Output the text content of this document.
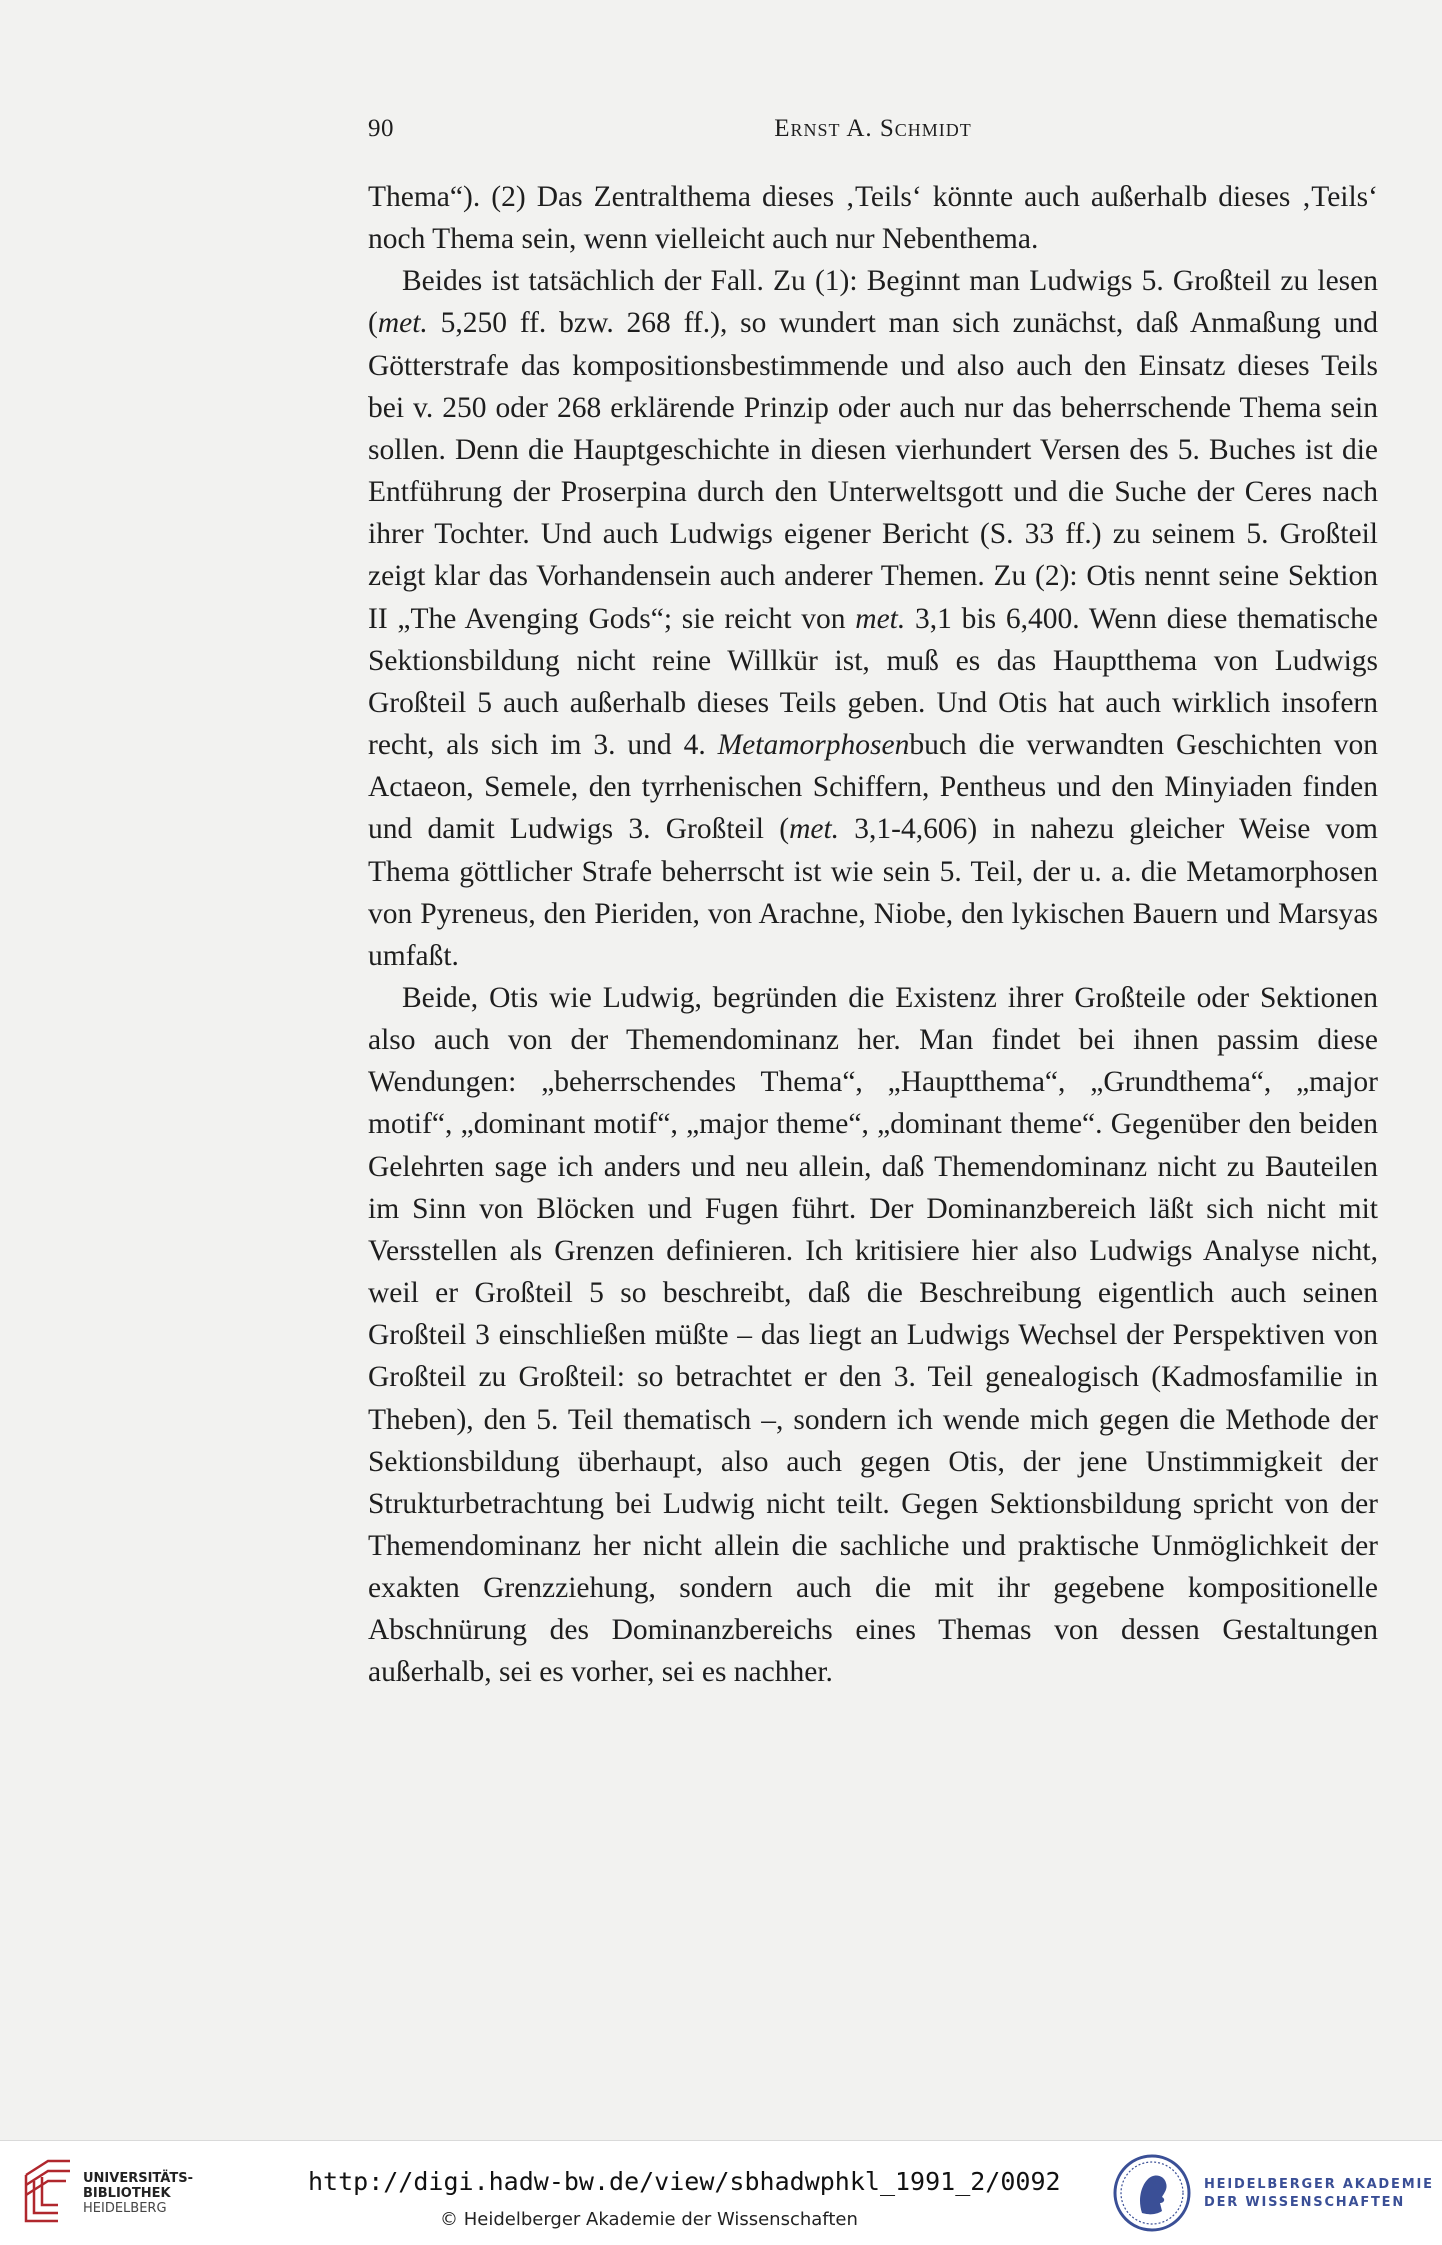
90	Ernst A. Schmidt

Thema“). (2) Das Zentralthema dieses ‚Teils‘ könnte auch außerhalb dieses ‚Teils‘ noch Thema sein, wenn vielleicht auch nur Nebenthema.

Beides ist tatsächlich der Fall. Zu (1): Beginnt man Ludwigs 5. Großteil zu lesen (met. 5,250 ff. bzw. 268 ff.), so wundert man sich zunächst, daß Anmaßung und Götterstrafe das kompositionsbestimmende und also auch den Einsatz dieses Teils bei v. 250 oder 268 erklärende Prinzip oder auch nur das beherrschende Thema sein sollen. Denn die Hauptgeschichte in diesen vierhundert Versen des 5. Buches ist die Entführung der Proserpina durch den Unterweltsgott und die Suche der Ceres nach ihrer Tochter. Und auch Ludwigs eigener Bericht (S. 33 ff.) zu seinem 5. Großteil zeigt klar das Vorhandensein auch anderer Themen. Zu (2): Otis nennt seine Sektion II „The Avenging Gods“; sie reicht von met. 3,1 bis 6,400. Wenn diese thematische Sektionsbildung nicht reine Willkür ist, muß es das Hauptthema von Ludwigs Großteil 5 auch außerhalb dieses Teils geben. Und Otis hat auch wirklich insofern recht, als sich im 3. und 4. Metamorphosenbuch die verwandten Geschichten von Actaeon, Semele, den tyrrhenischen Schiffern, Pentheus und den Minyiaden finden und damit Ludwigs 3. Großteil (met. 3,1-4,606) in nahezu gleicher Weise vom Thema göttlicher Strafe beherrscht ist wie sein 5. Teil, der u. a. die Metamorphosen von Pyreneus, den Pieriden, von Arachne, Niobe, den lykischen Bauern und Marsyas umfaßt.

Beide, Otis wie Ludwig, begründen die Existenz ihrer Großteile oder Sektionen also auch von der Themendominanz her. Man findet bei ihnen passim diese Wendungen: „beherrschendes Thema“, „Hauptthema“, „Grundthema“, „major motif“, „dominant motif“, „major theme“, „dominant theme“. Gegenüber den beiden Gelehrten sage ich anders und neu allein, daß Themendominanz nicht zu Bauteilen im Sinn von Blöcken und Fugen führt. Der Dominanzbereich läßt sich nicht mit Versstellen als Grenzen definieren. Ich kritisiere hier also Ludwigs Analyse nicht, weil er Großteil 5 so beschreibt, daß die Beschreibung eigentlich auch seinen Großteil 3 einschließen müßte – das liegt an Ludwigs Wechsel der Perspektiven von Großteil zu Großteil: so betrachtet er den 3. Teil genealogisch (Kadmosfamilie in Theben), den 5. Teil thematisch –, sondern ich wende mich gegen die Methode der Sektionsbildung überhaupt, also auch gegen Otis, der jene Unstimmigkeit der Strukturbetrachtung bei Ludwig nicht teilt. Gegen Sektionsbildung spricht von der Themendominanz her nicht allein die sachliche und praktische Unmöglichkeit der exakten Grenzziehung, sondern auch die mit ihr gegebene kompositionelle Abschnürung des Dominanzbereichs eines Themas von dessen Gestaltungen außerhalb, sei es vorher, sei es nachher.

UNIVERSITÄTS-
BIBLIOTHEK
HEIDELBERG
http://digi.hadw-bw.de/view/sbhadwphkl_1991_2/0092
© Heidelberger Akademie der Wissenschaften
HEIDELBERGER AKADEMIE
DER WISSENSCHAFTEN
